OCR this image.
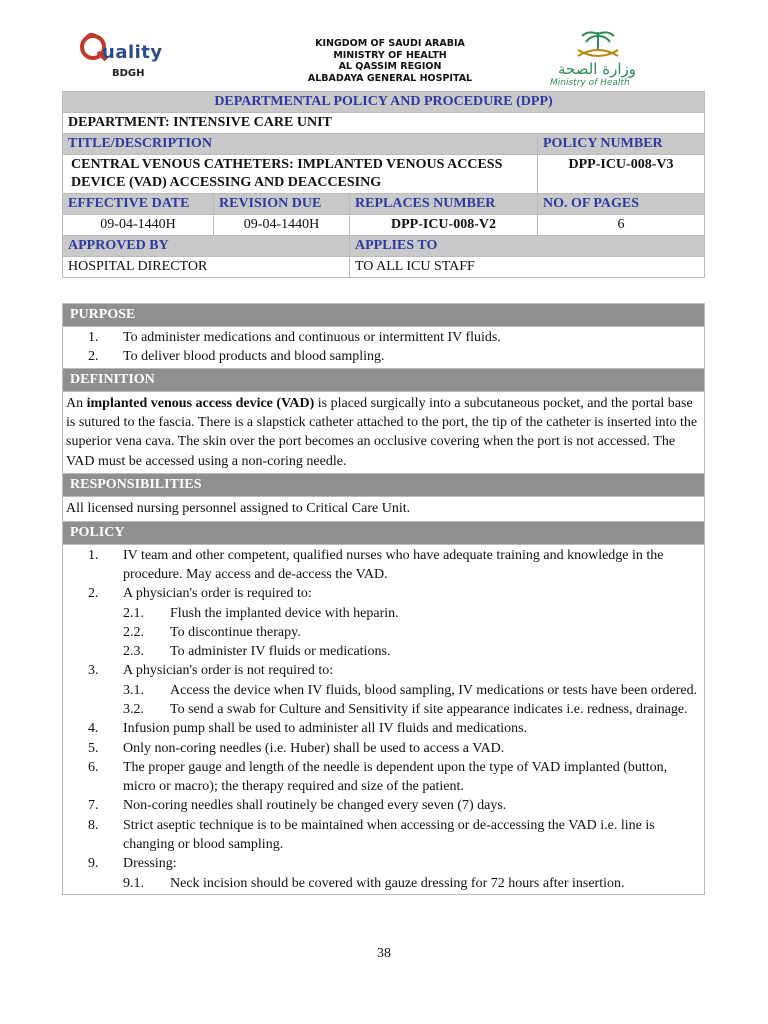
uality
BDGH
KINGDOM OF SAUDI ARABIA
MINISTRY OF HEALTH
AL QASSIM REGION
ALBADAYA GENERAL HOSPITAL	وزارة الصحة
Ministry of Health
DEPARTMENTAL POLICY AND PROCEDURE (DPP)			
DEPARTMENT: INTENSIVE CARE UNIT			
TITLE/DESCRIPTION			POLICY NUMBER
CENTRAL VENOUS CATHETERS: IMPLANTED VENOUS ACCESS DEVICE (VAD) ACCESSING AND DEACCESING			DPP-ICU-008-V3
EFFECTIVE DATE	REVISION DUE	REPLACES NUMBER	NO. OF PAGES
09-04-1440H	09-04-1440H	DPP-ICU-008-V2	6
APPROVED BY		APPLIES TO	
HOSPITAL DIRECTOR		TO ALL ICU STAFF	
PURPOSE

1. To administer medications and continuous or intermittent IV fluids.
2. To deliver blood products and blood sampling.

DEFINITION
An implanted venous access device (VAD) is placed surgically into a subcutaneous pocket, and the portal base is sutured to the fascia. There is a slapstick catheter attached to the port, the tip of the catheter is inserted into the superior vena cava. The skin over the port becomes an occlusive covering when the port is not accessed. The VAD must be accessed using a non-coring needle.
RESPONSIBILITIES
All licensed nursing personnel assigned to Critical Care Unit.
POLICY

1. IV team and other competent, qualified nurses who have adequate training and knowledge in the procedure. May access and de-access the VAD.
2. A physician's order is required to:
2.1. Flush the implanted device with heparin.
2.2. To discontinue therapy.
2.3. To administer IV fluids or medications.
3. A physician's order is not required to:
3.1. Access the device when IV fluids, blood sampling, IV medications or tests have been ordered.
3.2. To send a swab for Culture and Sensitivity if site appearance indicates i.e. redness, drainage.
4. Infusion pump shall be used to administer all IV fluids and medications.
5. Only non-coring needles (i.e. Huber) shall be used to access a VAD.
6. The proper gauge and length of the needle is dependent upon the type of VAD implanted (button, micro or macro); the therapy required and size of the patient.
7. Non-coring needles shall routinely be changed every seven (7) days.
8. Strict aseptic technique is to be maintained when accessing or de-accessing the VAD i.e. line is changing or blood sampling.
9. Dressing:
9.1. Neck incision should be covered with gauze dressing for 72 hours after insertion.
38
